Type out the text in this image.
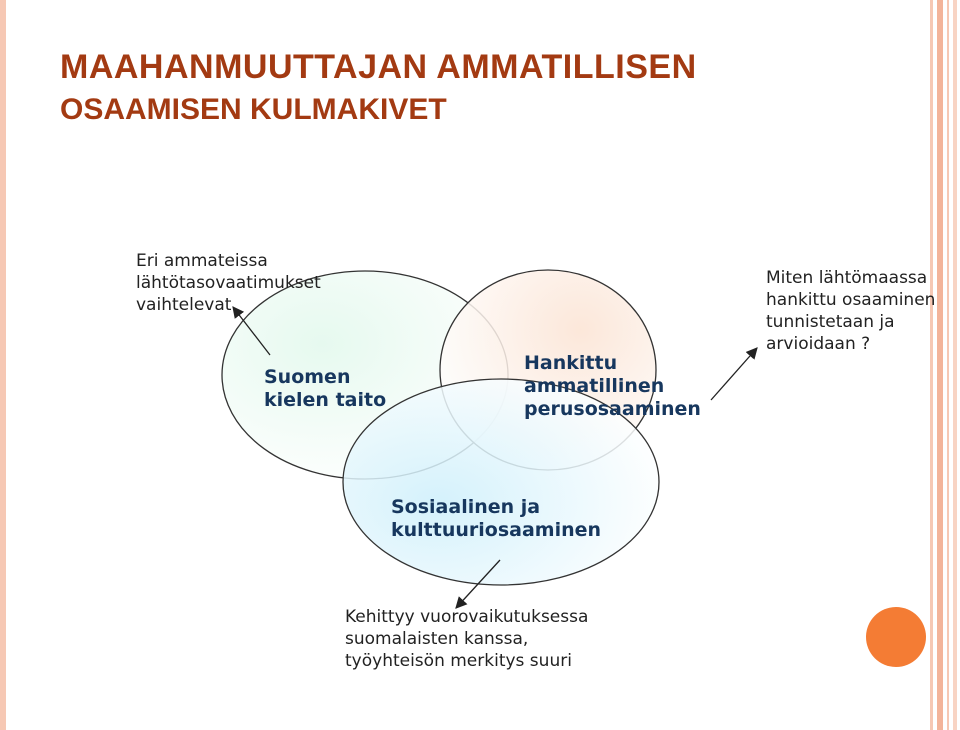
MAAHANMUUTTAJAN AMMATILLISEN
OSAAMISEN KULMAKIVET
Eri ammateissa
lähtötasovaatimukset
vaihtelevat
Miten lähtömaassa
hankittu osaaminen
tunnistetaan ja
arvioidaan ?
Kehittyy vuorovaikutuksessa
suomalaisten kanssa,
työyhteisön merkitys suuri
Suomen
kielen taito
Hankittu
ammatillinen
perusosaaminen
Sosiaalinen ja
kulttuuriosaaminen
